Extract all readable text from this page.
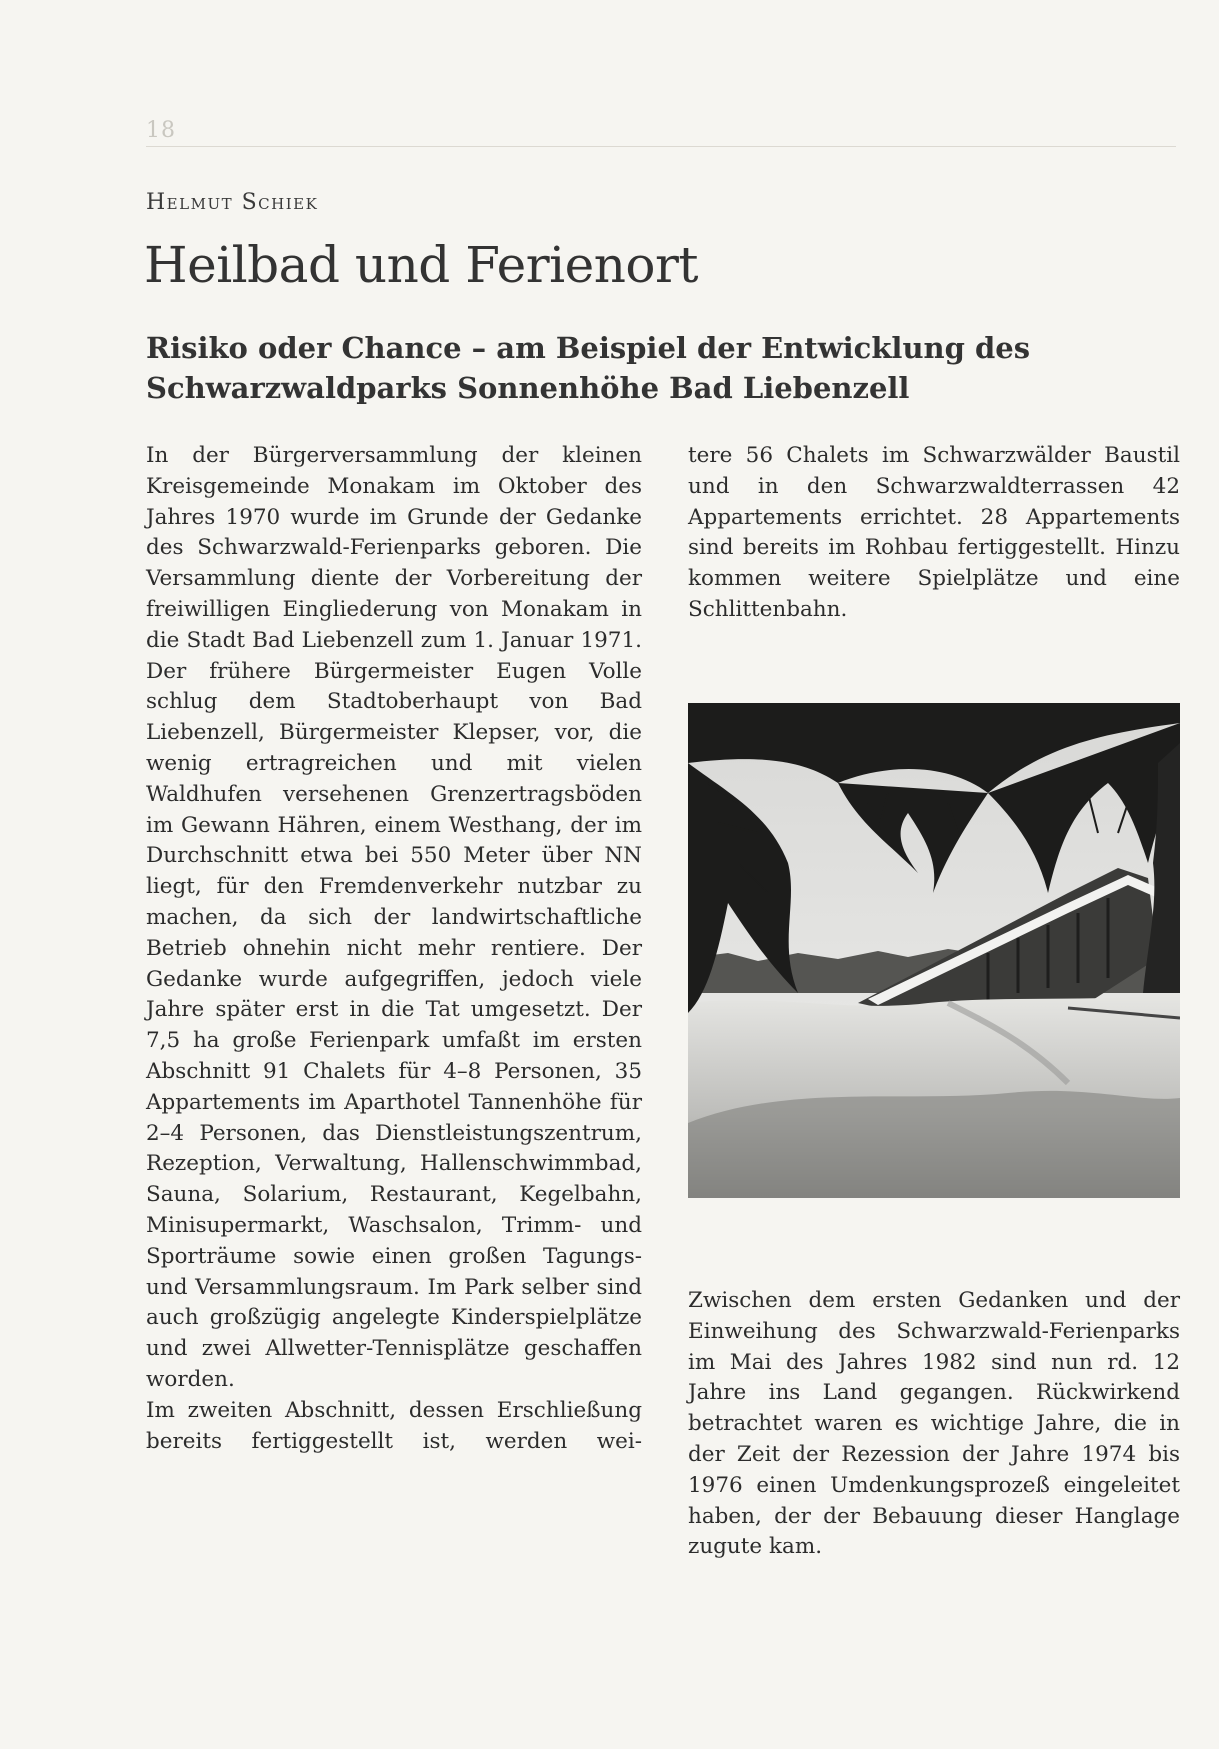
18
Helmut Schiek
Heilbad und Ferienort
Risiko oder Chance – am Beispiel der Entwicklung des
Schwarzwaldparks Sonnenhöhe Bad Liebenzell

In der Bürgerversammlung der kleinen Kreisgemeinde Monakam im Oktober des Jahres 1970 wurde im Grunde der Gedanke des Schwarzwald-Ferienparks geboren. Die Versammlung diente der Vorbereitung der freiwilligen Eingliederung von Monakam in die Stadt Bad Liebenzell zum 1. Januar 1971. Der frühere Bürgermeister Eugen Volle schlug dem Stadtoberhaupt von Bad Liebenzell, Bürgermeister Klepser, vor, die wenig ertragreichen und mit vielen Waldhufen versehenen Grenzertragsböden im Gewann Hähren, einem Westhang, der im Durchschnitt etwa bei 550 Meter über NN liegt, für den Fremdenverkehr nutzbar zu machen, da sich der landwirtschaftliche Betrieb ohnehin nicht mehr rentiere. Der Gedanke wurde aufgegriffen, jedoch viele Jahre später erst in die Tat umgesetzt. Der 7,5 ha große Ferienpark umfaßt im ersten Abschnitt 91 Chalets für 4–8 Personen, 35 Appartements im Aparthotel Tannenhöhe für 2–4 Personen, das Dienstleistungszentrum, Rezeption, Verwaltung, Hallenschwimmbad, Sauna, Solarium, Restaurant, Kegelbahn, Minisupermarkt, Waschsalon, Trimm- und Sporträume sowie einen großen Tagungs-und Versammlungsraum. Im Park selber sind auch großzügig angelegte Kinderspielplätze und zwei Allwetter-Tennisplätze geschaffen worden.

Im zweiten Abschnitt, dessen Erschließung bereits fertiggestellt ist, werden wei-

tere 56 Chalets im Schwarzwälder Baustil und in den Schwarzwaldterrassen 42 Appartements errichtet. 28 Appartements sind bereits im Rohbau fertiggestellt. Hinzu kommen weitere Spielplätze und eine Schlittenbahn.

Zwischen dem ersten Gedanken und der Einweihung des Schwarzwald-Ferienparks im Mai des Jahres 1982 sind nun rd. 12 Jahre ins Land gegangen. Rückwirkend betrachtet waren es wichtige Jahre, die in der Zeit der Rezession der Jahre 1974 bis 1976 einen Umdenkungsprozeß eingeleitet haben, der der Bebauung dieser Hanglage zugute kam.
